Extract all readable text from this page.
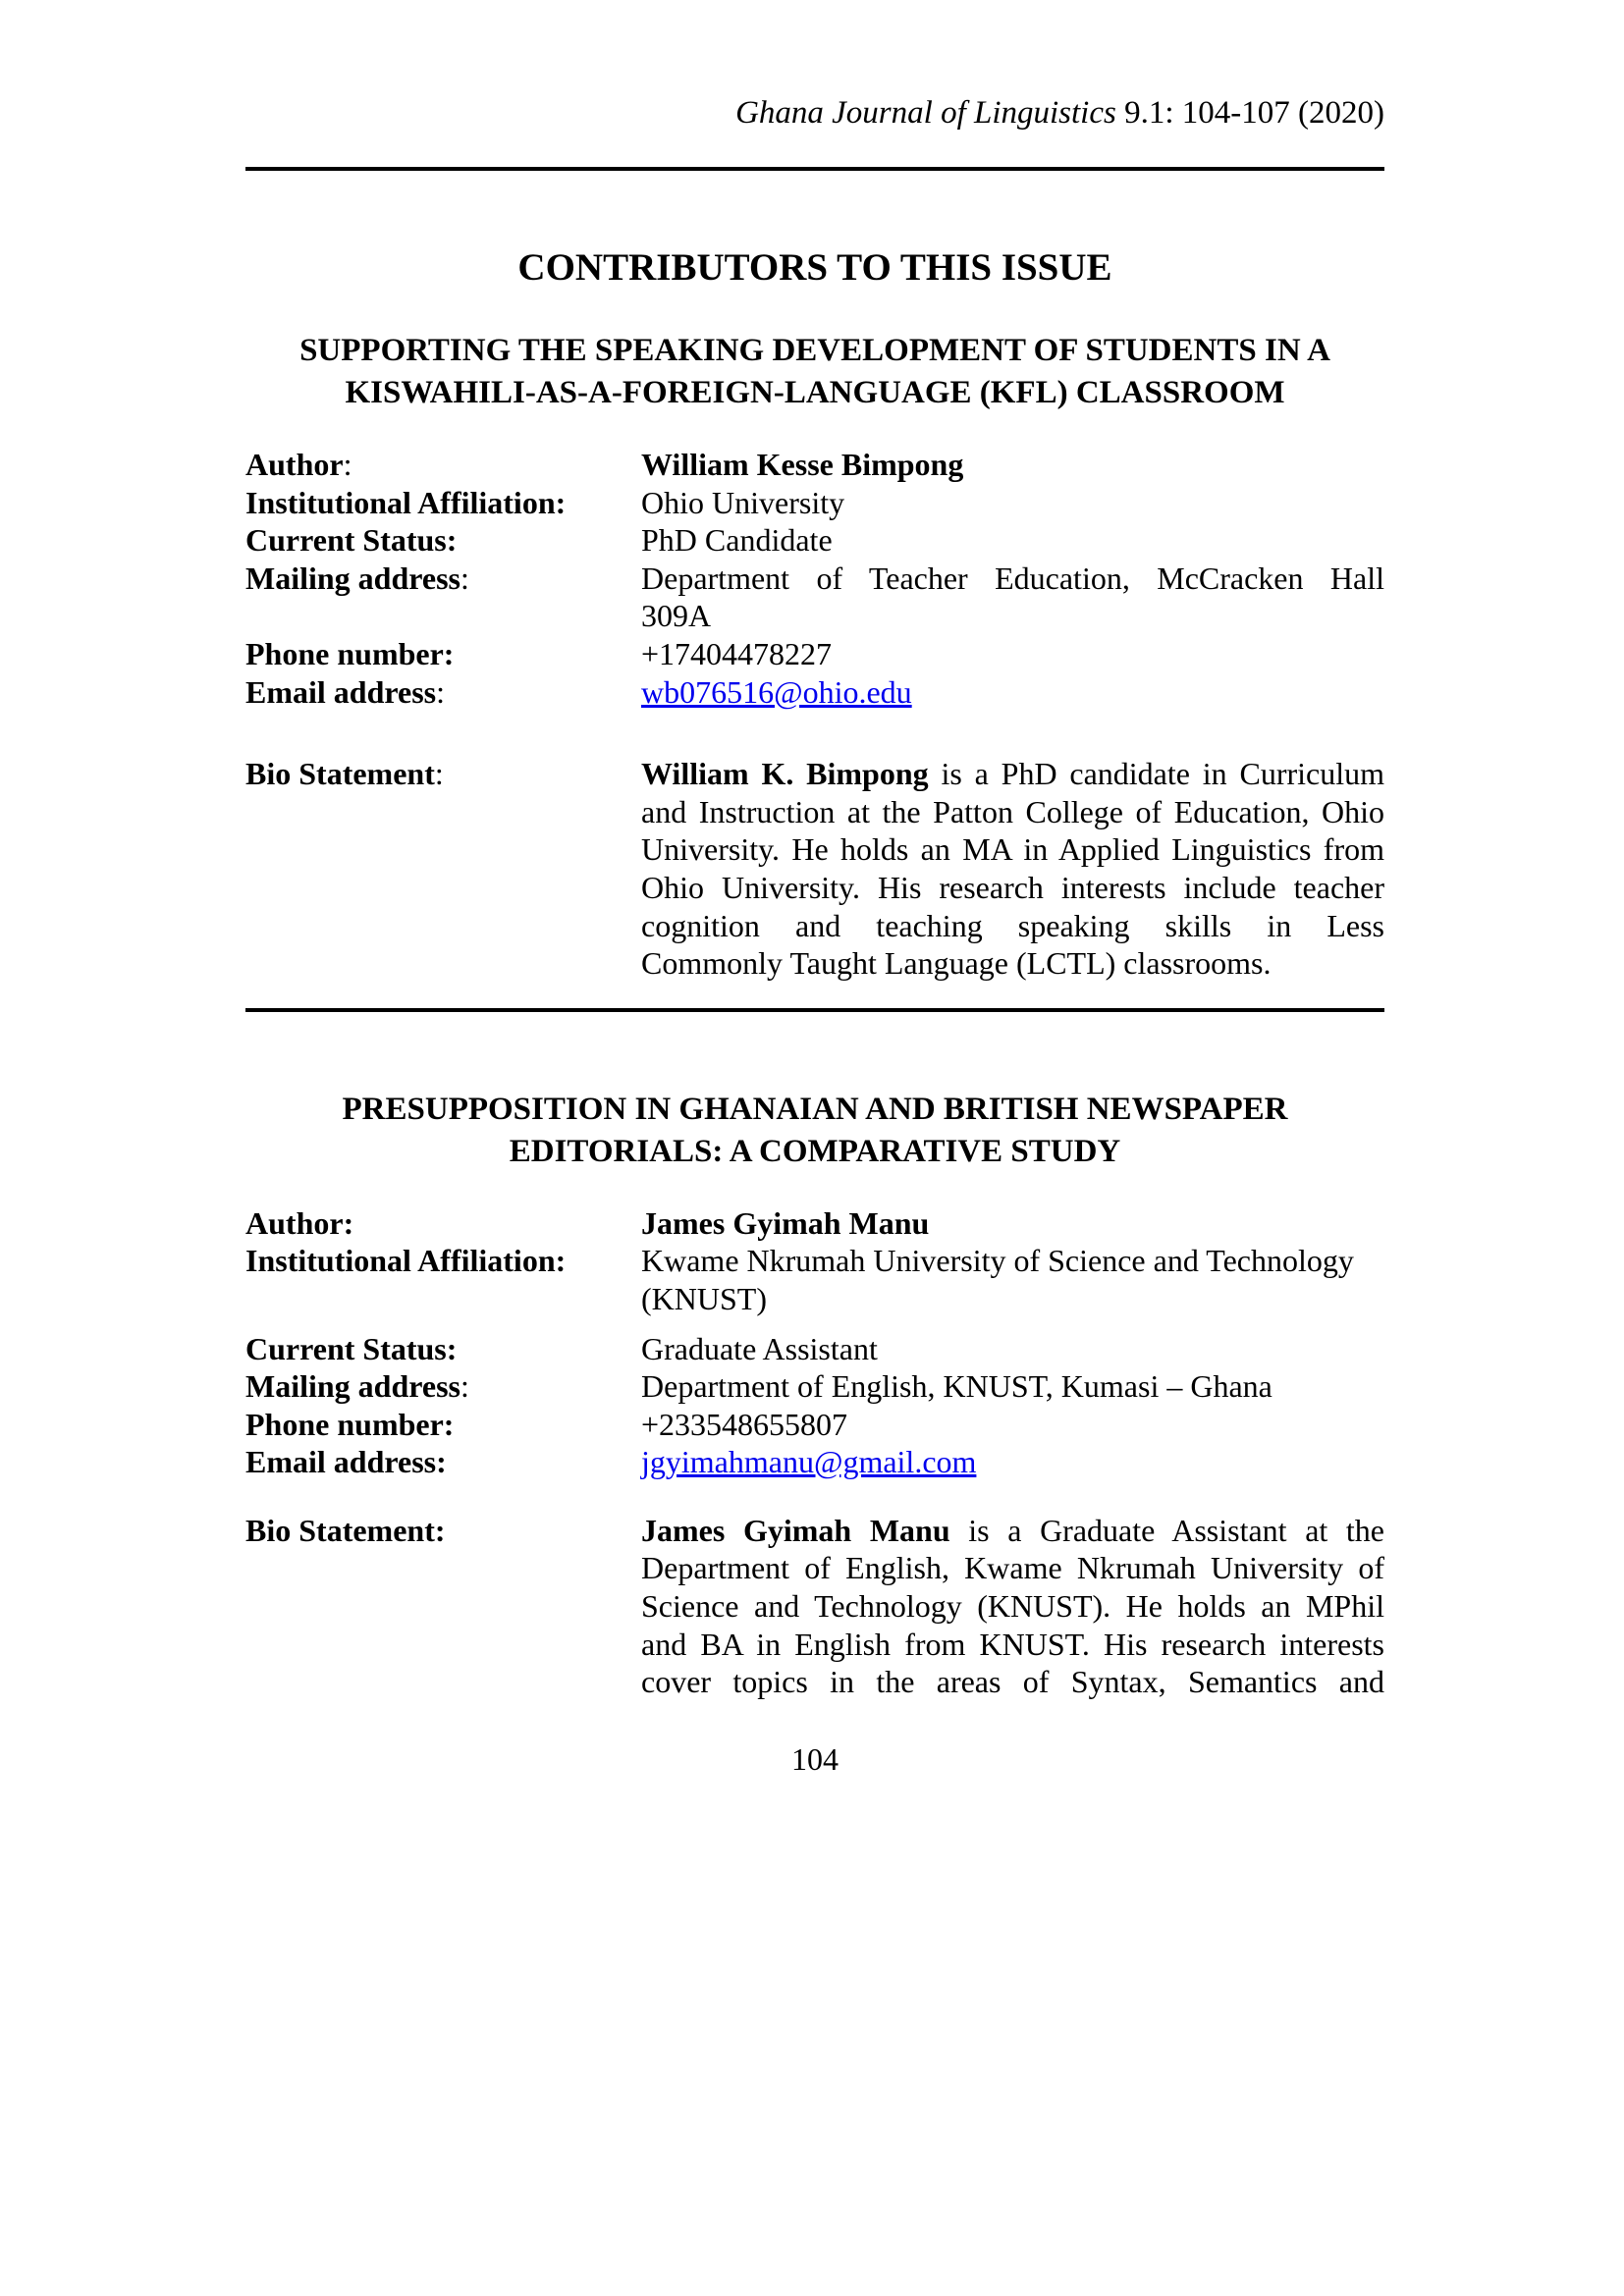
Ghana Journal of Linguistics 9.1: 104-107 (2020)
CONTRIBUTORS TO THIS ISSUE
SUPPORTING THE SPEAKING DEVELOPMENT OF STUDENTS IN A
KISWAHILI-AS-A-FOREIGN-LANGUAGE (KFL) CLASSROOM
Author:	William Kesse Bimpong
Institutional Affiliation:	Ohio University
Current Status:	PhD Candidate
Mailing address:	Department of Teacher Education, McCracken Hall
309A
Phone number:	+17404478227
Email address:	wb076516@ohio.edu
Bio Statement:	William K. Bimpong is a PhD candidate in Curriculum
and Instruction at the Patton College of Education, Ohio
University. He holds an MA in Applied Linguistics from
Ohio University. His research interests include teacher
cognition and teaching speaking skills in Less
Commonly Taught Language (LCTL) classrooms.
PRESUPPOSITION IN GHANAIAN AND BRITISH NEWSPAPER
EDITORIALS: A COMPARATIVE STUDY
Author:	James Gyimah Manu
Institutional Affiliation:	Kwame Nkrumah University of Science and Technology
(KNUST)
Current Status:	Graduate Assistant
Mailing address:	Department of English, KNUST, Kumasi – Ghana
Phone number:	+233548655807
Email address:	jgyimahmanu@gmail.com
Bio Statement:	James Gyimah Manu is a Graduate Assistant at the
Department of English, Kwame Nkrumah University of
Science and Technology (KNUST). He holds an MPhil
and BA in English from KNUST. His research interests
cover topics in the areas of Syntax, Semantics and
104
